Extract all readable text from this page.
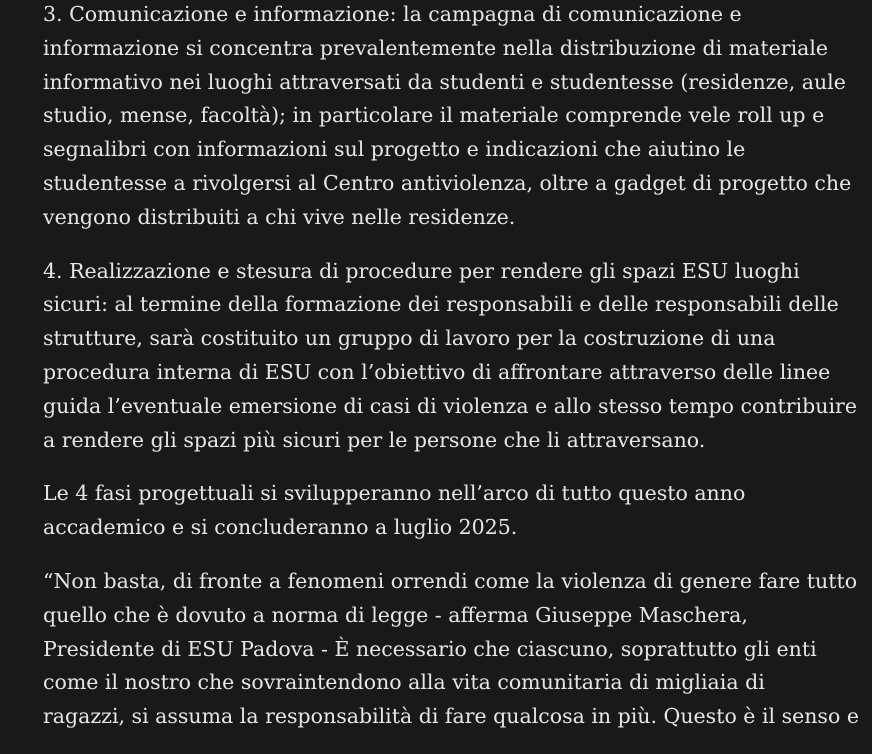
3. Comunicazione e informazione: la campagna di comunicazione e
informazione si concentra prevalentemente nella distribuzione di materiale
informativo nei luoghi attraversati da studenti e studentesse (residenze, aule
studio, mense, facoltà); in particolare il materiale comprende vele roll up e
segnalibri con informazioni sul progetto e indicazioni che aiutino le
studentesse a rivolgersi al Centro antiviolenza, oltre a gadget di progetto che
vengono distribuiti a chi vive nelle residenze.

4. Realizzazione e stesura di procedure per rendere gli spazi ESU luoghi
sicuri: al termine della formazione dei responsabili e delle responsabili delle
strutture, sarà costituito un gruppo di lavoro per la costruzione di una
procedura interna di ESU con l’obiettivo di affrontare attraverso delle linee
guida l’eventuale emersione di casi di violenza e allo stesso tempo contribuire
a rendere gli spazi più sicuri per le persone che li attraversano.

Le 4 fasi progettuali si svilupperanno nell’arco di tutto questo anno
accademico e si concluderanno a luglio 2025.

“Non basta, di fronte a fenomeni orrendi come la violenza di genere fare tutto
quello che è dovuto a norma di legge - afferma Giuseppe Maschera,
Presidente di ESU Padova - È necessario che ciascuno, soprattutto gli enti
come il nostro che sovraintendono alla vita comunitaria di migliaia di
ragazzi, si assuma la responsabilità di fare qualcosa in più. Questo è il senso e
